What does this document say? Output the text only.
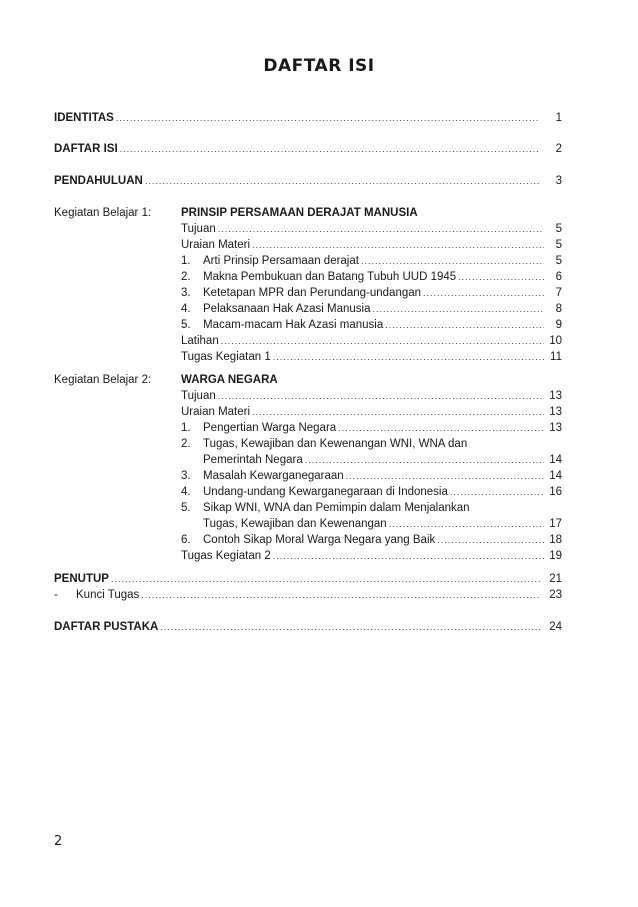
DAFTAR ISI
IDENTITAS .....	1
DAFTAR ISI .....	2
PENDAHULUAN .....	3
Kegiatan Belajar 1:	PRINSIP PERSAMAAN DERAJAT MANUSIA
Tujuan .....	5
Uraian Materi .....	5
1. Arti Prinsip Persamaan derajat .....	5
2. Makna Pembukuan dan Batang Tubuh UUD 1945 .....	6
3. Ketetapan MPR dan Perundang-undangan .....	7
4. Pelaksanaan Hak Azasi Manusia .....	8
5. Macam-macam Hak Azasi manusia .....	9
Latihan .....	10
Tugas Kegiatan 1 .....	11
Kegiatan Belajar 2:	WARGA NEGARA
Tujuan .....	13
Uraian Materi .....	13
1. Pengertian Warga Negara .....	13
2. Tugas, Kewajiban dan Kewenangan WNI, WNA dan
Pemerintah Negara .....	14
3. Masalah Kewarganegaraan .....	14
4. Undang-undang Kewarganegaraan di Indonesia .....	16
5. Sikap WNI, WNA dan Pemimpin dalam Menjalankan
Tugas, Kewajiban dan Kewenangan .....	17
6. Contoh Sikap Moral Warga Negara yang Baik .....	18
Tugas Kegiatan 2 .....	19
PENUTUP .....	21
- Kunci Tugas .....	23
DAFTAR PUSTAKA .....	24
2
